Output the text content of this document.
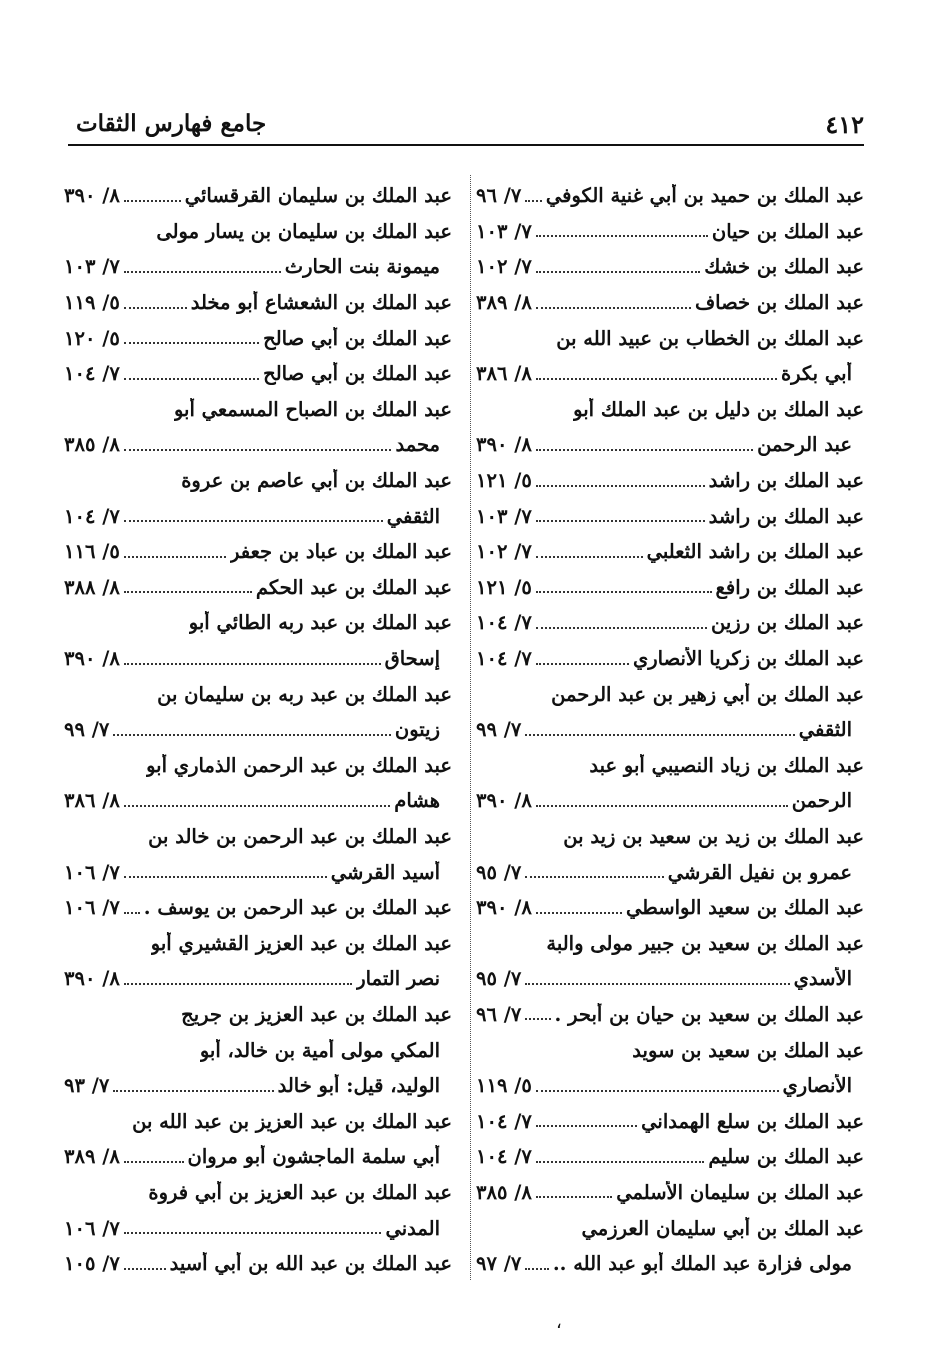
٤١٢
جامع فهارس الثقات
عبد الملك بن حميد بن أبي غنية الكوفي
٧/ ٩٦
عبد الملك بن حيان
٧/ ١٠٣
عبد الملك بن خشك
٧/ ١٠٢
عبد الملك بن خصاف
٨/ ٣٨٩
عبد الملك بن الخطاب بن عبيد الله بن
أبي بكرة
٨/ ٣٨٦
عبد الملك بن دليل بن عبد الملك أبو
عبد الرحمن
٨/ ٣٩٠
عبد الملك بن راشد
٥/ ١٢١
عبد الملك بن راشد
٧/ ١٠٣
عبد الملك بن راشد الثعلبي
٧/ ١٠٢
عبد الملك بن رافع
٥/ ١٢١
عبد الملك بن رزين
٧/ ١٠٤
عبد الملك بن زكريا الأنصاري
٧/ ١٠٤
عبد الملك بن أبي زهير بن عبد الرحمن
الثقفي
٧/ ٩٩
عبد الملك بن زياد النصيبي أبو عبد
الرحمن
٨/ ٣٩٠
عبد الملك بن زيد بن سعيد بن زيد بن
عمرو بن نفيل القرشي
٧/ ٩٥
عبد الملك بن سعيد الواسطي
٨/ ٣٩٠
عبد الملك بن سعيد بن جبير مولى والبة
الأسدي
٧/ ٩٥
عبد الملك بن سعيد بن حيان بن أبحر .
٧/ ٩٦
عبد الملك بن سعيد بن سويد
الأنصاري
٥/ ١١٩
عبد الملك بن سلع الهمداني
٧/ ١٠٤
عبد الملك بن سليم
٧/ ١٠٤
عبد الملك بن سليمان الأسلمي
٨/ ٣٨٥
عبد الملك بن أبي سليمان العرزمي
مولى فزارة عبد الملك أبو عبد الله ..
٧/ ٩٧
عبد الملك بن سليمان القرقسائي
٨/ ٣٩٠
عبد الملك بن سليمان بن يسار مولى
ميمونة بنت الحارث
٧/ ١٠٣
عبد الملك بن الشعشاع أبو مخلد
٥/ ١١٩
عبد الملك بن أبي صالح
٥/ ١٢٠
عبد الملك بن أبي صالح
٧/ ١٠٤
عبد الملك بن الصباح المسمعي أبو
محمد
٨/ ٣٨٥
عبد الملك بن أبي عاصم بن عروة
الثقفي
٧/ ١٠٤
عبد الملك بن عباد بن جعفر
٥/ ١١٦
عبد الملك بن عبد الحكم
٨/ ٣٨٨
عبد الملك بن عبد ربه الطائي أبو
إسحاق
٨/ ٣٩٠
عبد الملك بن عبد ربه بن سليمان بن
زيتون
٧/ ٩٩
عبد الملك بن عبد الرحمن الذماري أبو
هشام
٨/ ٣٨٦
عبد الملك بن عبد الرحمن بن خالد بن
أسيد القرشي
٧/ ١٠٦
عبد الملك بن عبد الرحمن بن يوسف .
٧/ ١٠٦
عبد الملك بن عبد العزيز القشيري أبو
نصر التمار
٨/ ٣٩٠
عبد الملك بن عبد العزيز بن جريج
المكي مولى أمية بن خالد، أبو
الوليد، قيل: أبو خالد
٧/ ٩٣
عبد الملك بن عبد العزيز بن عبد الله بن
أبي سلمة الماجشون أبو مروان
٨/ ٣٨٩
عبد الملك بن عبد العزيز بن أبي فروة
المدني
٧/ ١٠٦
عبد الملك بن عبد الله بن أبي أسيد
٧/ ١٠٥
،
